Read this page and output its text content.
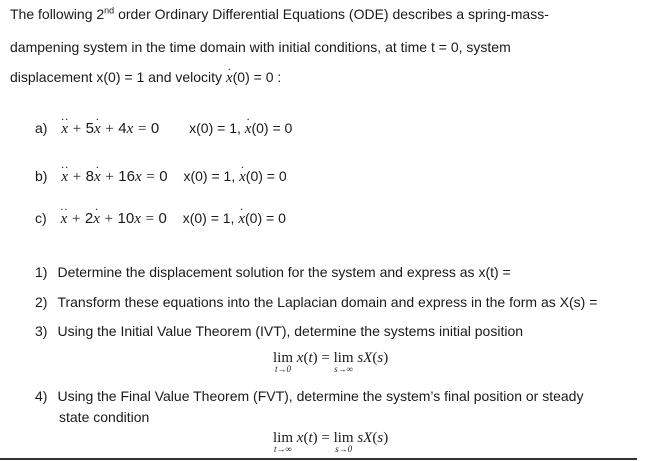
The following 2nd order Ordinary Differential Equations (ODE) describes a spring-mass-
dampening system in the time domain with initial conditions, at time t = 0, system
displacement x(0) = 1 and velocity · x(0) = 0 :
a) ·· x + 5· x + 4x = 0 x(0) = 1, · x(0) = 0
b) ·· x + 8· x + 16x = 0 x(0) = 1, · x(0) = 0
c) ·· x + 2· x + 10x = 0 x(0) = 1, · x(0) = 0
1) Determine the displacement solution for the system and express as x(t) =
2) Transform these equations into the Laplacian domain and express in the form as X(s) =
3) Using the Initial Value Theorem (IVT), determine the systems initial position
lim
t→0
x(t) = lim
s→∞
sX(s)
4) Using the Final Value Theorem (FVT), determine the system’s final position or steady
state condition
lim
t→∞
x(t) = lim
s→0
sX(s)
